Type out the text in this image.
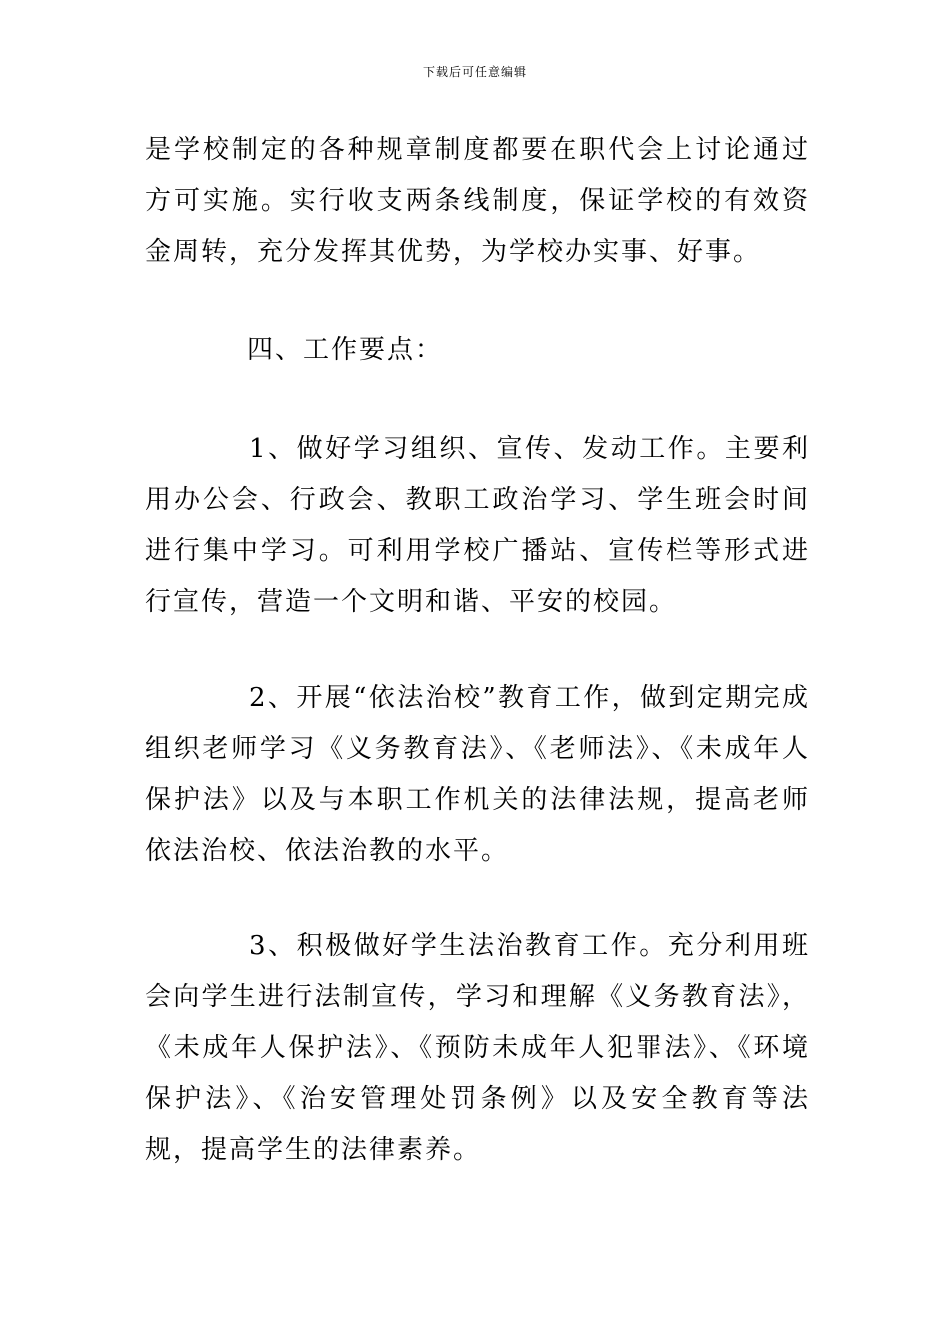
下载后可任意编辑
是学校制定的各种规章制度都要在职代会上讨论通过方可实施。实行收支两条线制度，保证学校的有效资金周转，充分发挥其优势，为学校办实事、好事。
四、工作要点：
1、做好学习组织、宣传、发动工作。主要利用办公会、行政会、教职工政治学习、学生班会时间进行集中学习。可利用学校广播站、宣传栏等形式进行宣传，营造一个文明和谐、平安的校园。
2、开展“依法治校”教育工作，做到定期完成组织老师学习《义务教育法》、《老师法》、《未成年人保护法》以及与本职工作机关的法律法规，提高老师依法治校、依法治教的水平。
3、积极做好学生法治教育工作。充分利用班会向学生进行法制宣传，学习和理解《义务教育法》，《未成年人保护法》、《预防未成年人犯罪法》、《环境保护法》、《治安管理处罚条例》以及安全教育等法规，提高学生的法律素养。
